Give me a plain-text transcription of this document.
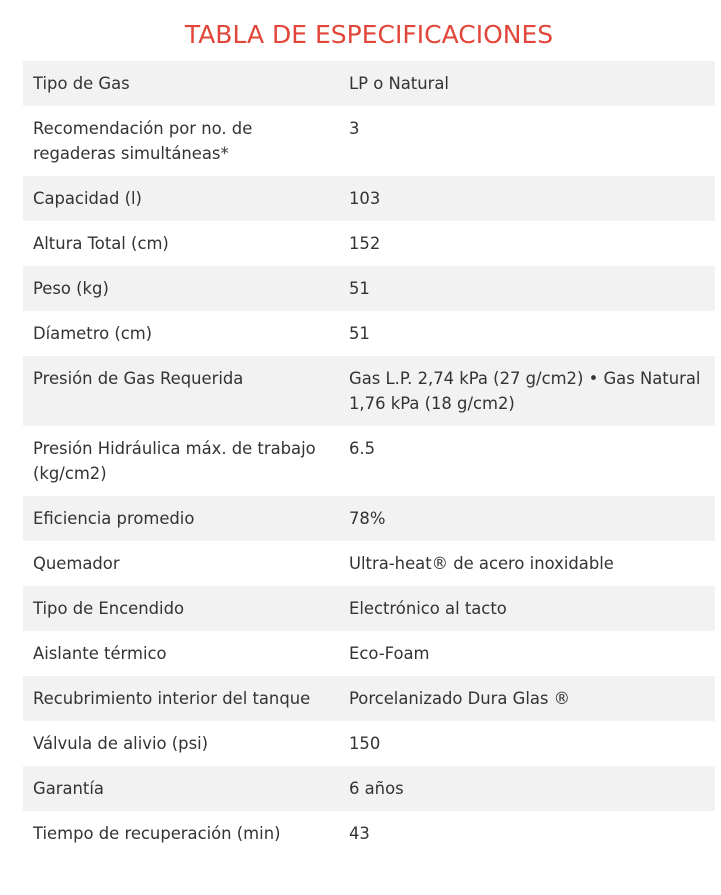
TABLA DE ESPECIFICACIONES
Tipo de Gas	LP o Natural
Recomendación por no. de regaderas simultáneas*	3
Capacidad (l)	103
Altura Total (cm)	152
Peso (kg)	51
Díametro (cm)	51
Presión de Gas Requerida	Gas L.P. 2,74 kPa (27 g/cm2) • Gas Natural 1,76 kPa (18 g/cm2)
Presión Hidráulica máx. de trabajo (kg/cm2)	6.5
Eficiencia promedio	78%
Quemador	Ultra-heat® de acero inoxidable
Tipo de Encendido	Electrónico al tacto
Aislante térmico	Eco-Foam
Recubrimiento interior del tanque	Porcelanizado Dura Glas ®
Válvula de alivio (psi)	150
Garantía	6 años
Tiempo de recuperación (min)	43
